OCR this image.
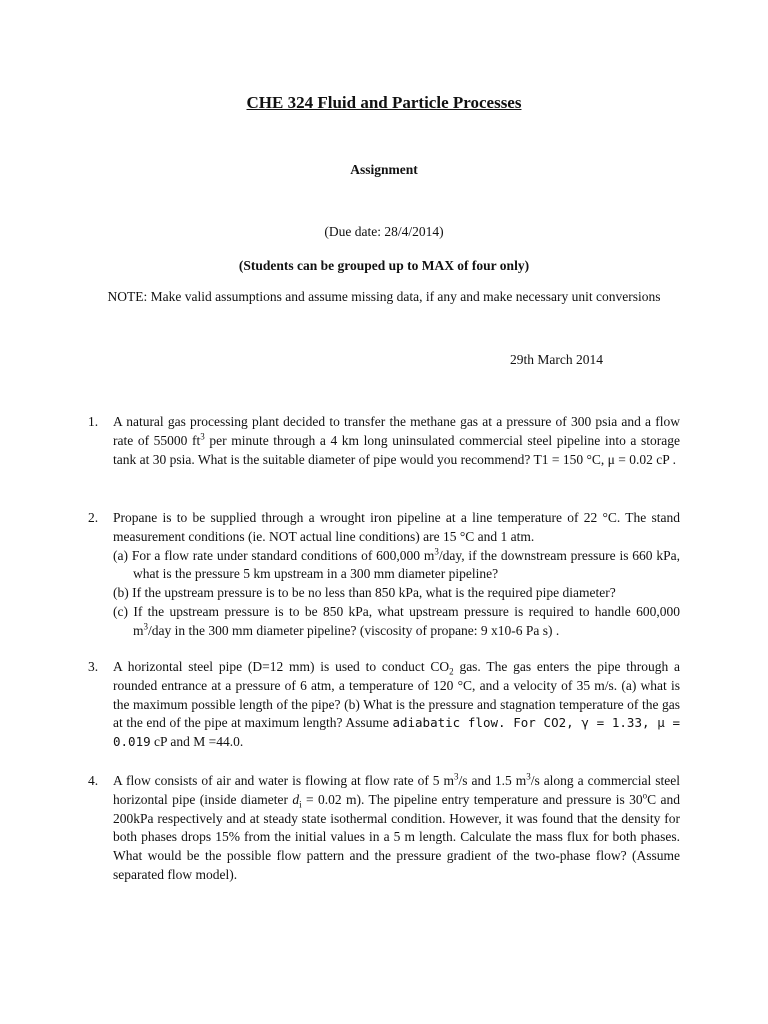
CHE 324 Fluid and Particle Processes
Assignment
(Due date: 28/4/2014)
(Students can be grouped up to MAX of four only)
NOTE: Make valid assumptions and assume missing data, if any and make necessary unit conversions
29th March 2014
1. A natural gas processing plant decided to transfer the methane gas at a pressure of 300 psia and a flow rate of 55000 $ft^3$ per minute through a 4 km long uninsulated commercial steel pipeline into a storage tank at 30 psia. What is the suitable diameter of pipe would you recommend? T1 = 150 °C, μ = 0.02 cP .
2. Propane is to be supplied through a wrought iron pipeline at a line temperature of 22 °C. The stand measurement conditions (ie. NOT actual line conditions) are 15 °C and 1 atm.

(a) For a flow rate under standard conditions of 600,000 $m^3$/day, if the downstream pressure is 660 kPa, what is the pressure 5 km upstream in a 300 mm diameter pipeline?

(b) If the upstream pressure is to be no less than 850 kPa, what is the required pipe diameter?

(c) If the upstream pressure is to be 850 kPa, what upstream pressure is required to handle 600,000 $m^3$/day in the 300 mm diameter pipeline? (viscosity of propane: 9 x10-6 Pa s) .

3. A horizontal steel pipe (D=12 mm) is used to conduct $CO_2$ gas. The gas enters the pipe through a rounded entrance at a pressure of 6 atm, a temperature of 120 °C, and a velocity of 35 m/s. (a) what is the maximum possible length of the pipe? (b) What is the pressure and stagnation temperature of the gas at the end of the pipe at maximum length? Assume adiabatic flow. For CO2, γ = 1.33, μ = 0.019 cP and M =44.0.
4. A flow consists of air and water is flowing at flow rate of 5 $m^3/s$ and 1.5 $m^3/s$ along a commercial steel horizontal pipe (inside diameter $d_i = 0.02$ m). The pipeline entry temperature and pressure is 30$^o$C and 200kPa respectively and at steady state isothermal condition. However, it was found that the density for both phases drops 15% from the initial values in a 5 m length. Calculate the mass flux for both phases. What would be the possible flow pattern and the pressure gradient of the two-phase flow? (Assume separated flow model).
